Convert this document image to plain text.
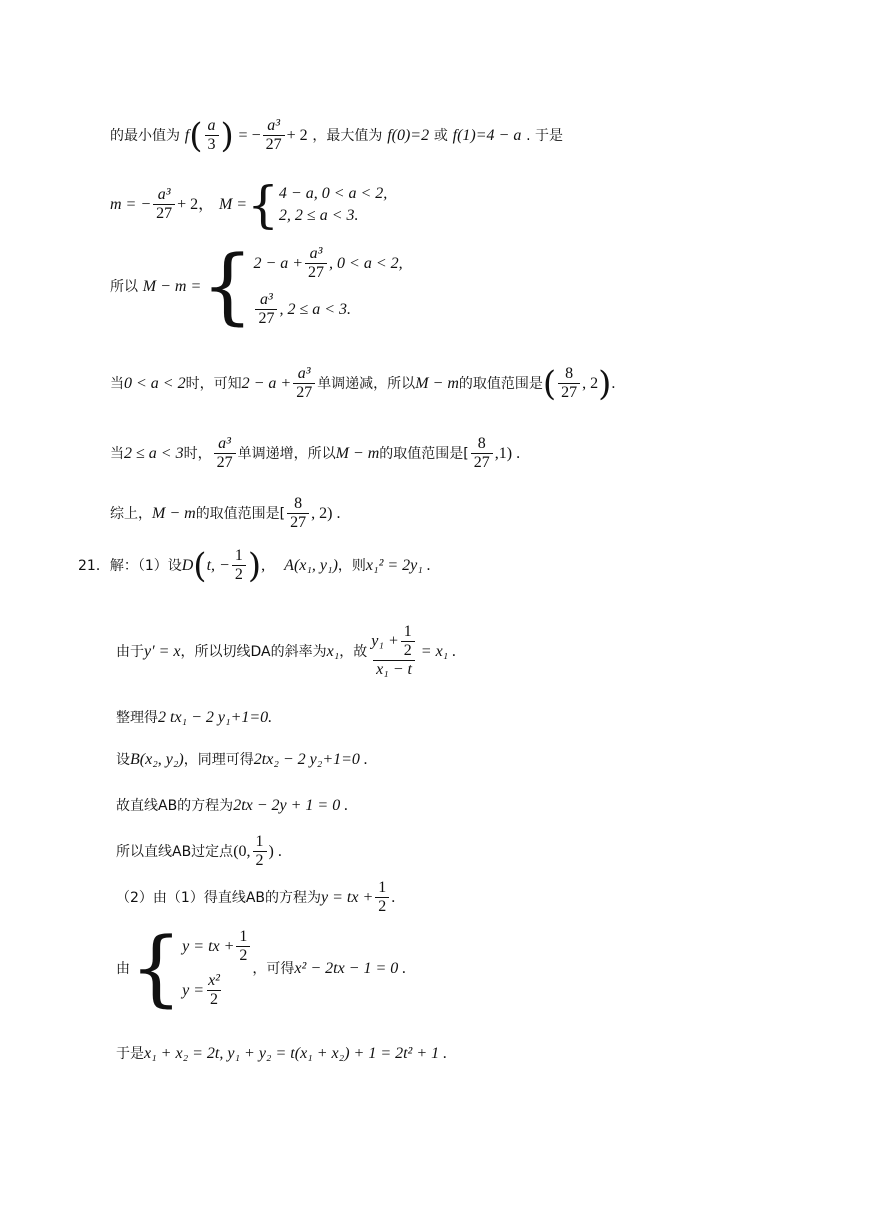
的最小值为 $f( \frac{a}{3}$ ) = − $\frac{\text{a³}}{27} + 2$ ，最大值为 f(0)=2 或 f(1)=4 − a . 于是
m = − $\frac{\text{a³}}{27} + 2$， M ={ 4 − a, 0 < a < 2,
2, 2 ≤ a < 3.
所以 M − m ={ $2 - a + \frac{\text{a³}}{27}$ , 0 < a < 2,
$\frac{\text{a³}}{27}$ , 2 ≤ a < 3.
当0 < a < 2时，可知$2 - a + \frac{\text{a³}}{27}$ 单调递减，所以M − m的取值范围是( $\frac{8}{27}$ , 2).
当2 ≤ a < 3时， $\frac{\text{a³}}{27}$ 单调递增，所以M − m的取值范围是[ $\frac{8}{27} ,1$) .
综上，M − m的取值范围是[ $\frac{8}{27}$ , 2) .
21．解：（1）设D(t, − $\frac{1}{2}$ ), A(x₁, y₁)，则x₁² = 2y₁ .
由于y′ = x，所以切线DA的斜率为x₁，故 $\frac{y_1 + \frac{1}{2}}{\text{x₁ − t}} = x_1$ .
整理得2 tx₁ − 2 y₁+1=0.
设B(x₂, y₂)，同理可得2tx₂ − 2 y₂+1=0 .
故直线AB的方程为2tx − 2y + 1 = 0 .
所以直线AB过定点(0, $\frac{1}{2}$ ) .
（2）由（1）得直线AB的方程为y = tx + $\frac{1}{2}$ .
由{ y = tx + $\frac{1}{2}$
$y = \frac{\text{x²}}{2}$
，可得x² − 2tx − 1 = 0 .
于是x₁ + x₂ = 2t, y₁ + y₂ = t(x₁ + x₂) + 1 = 2t² + 1 .
